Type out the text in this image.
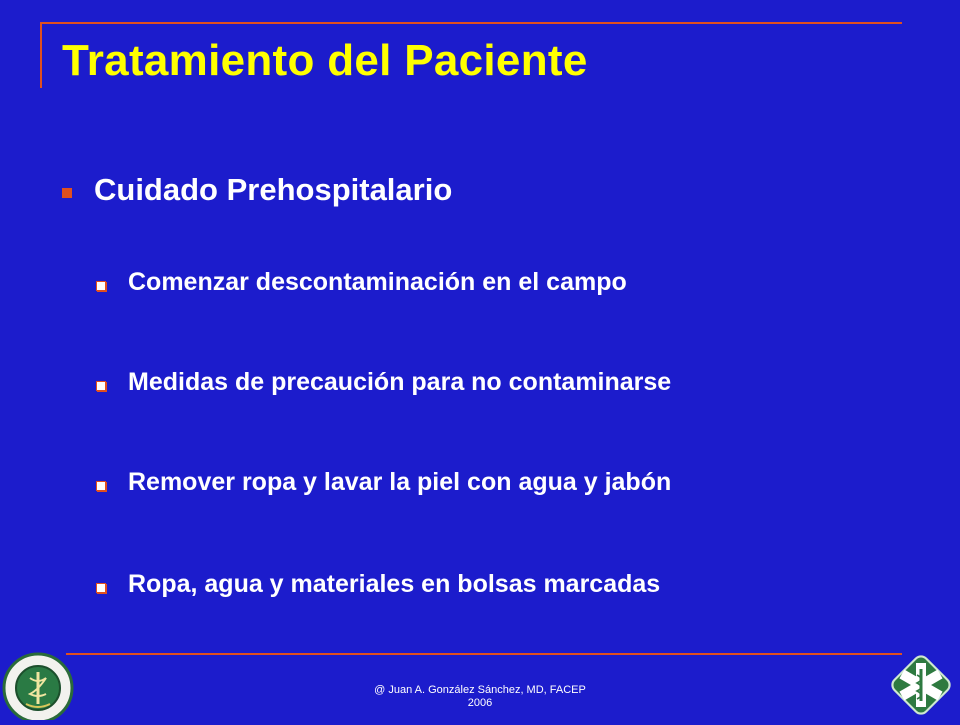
Tratamiento del Paciente
Cuidado Prehospitalario
Comenzar descontaminación en el campo
Medidas de precaución para no contaminarse
Remover ropa y lavar la piel con agua y jabón
Ropa, agua y materiales en bolsas marcadas
@ Juan A. González Sánchez, MD, FACEP
2006
